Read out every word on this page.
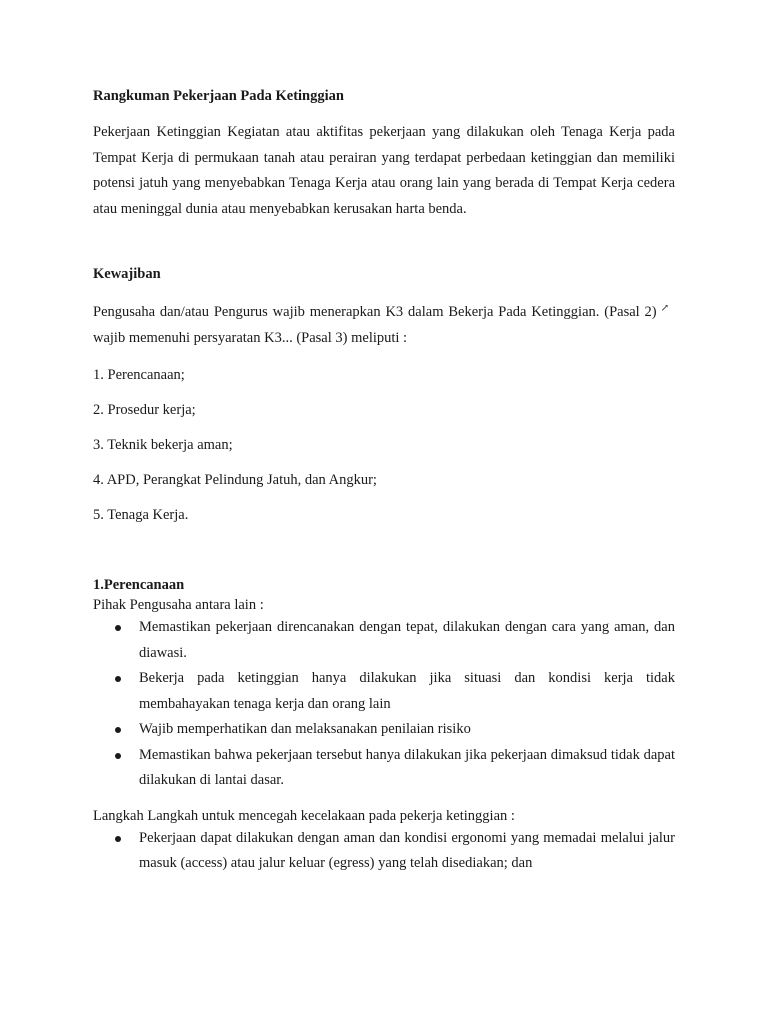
Rangkuman Pekerjaan Pada Ketinggian

Pekerjaan Ketinggian Kegiatan atau aktifitas pekerjaan yang dilakukan oleh Tenaga Kerja pada Tempat Kerja di permukaan tanah atau perairan yang terdapat perbedaan ketinggian dan memiliki potensi jatuh yang menyebabkan Tenaga Kerja atau orang lain yang berada di Tempat Kerja cedera atau meninggal dunia atau menyebabkan kerusakan harta benda.

Kewajiban

Pengusaha dan/atau Pengurus wajib menerapkan K3 dalam Bekerja Pada Ketinggian. (Pasal 2) ↗wajib memenuhi persyaratan K3... (Pasal 3) meliputi :

1. Perencanaan;

2. Prosedur kerja;

3. Teknik bekerja aman;

4. APD, Perangkat Pelindung Jatuh, dan Angkur;

5. Tenaga Kerja.

1.Perencanaan

Pihak Pengusaha antara lain :

Memastikan pekerjaan direncanakan dengan tepat, dilakukan dengan cara yang aman, dan diawasi.
Bekerja pada ketinggian hanya dilakukan jika situasi dan kondisi kerja tidak membahayakan tenaga kerja dan orang lain
Wajib memperhatikan dan melaksanakan penilaian risiko
Memastikan bahwa pekerjaan tersebut hanya dilakukan jika pekerjaan dimaksud tidak dapat dilakukan di lantai dasar.

Langkah Langkah untuk mencegah kecelakaan pada pekerja ketinggian :

Pekerjaan dapat dilakukan dengan aman dan kondisi ergonomi yang memadai melalui jalur masuk (access) atau jalur keluar (egress) yang telah disediakan; dan
